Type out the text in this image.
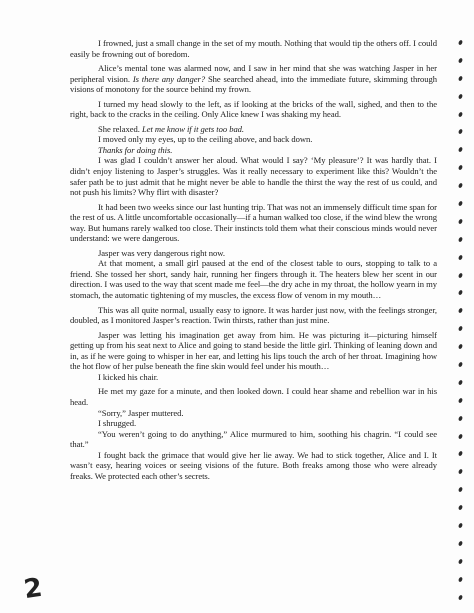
I frowned, just a small change in the set of my mouth. Nothing that would tip the others off. I could easily be frowning out of boredom.

Alice’s mental tone was alarmed now, and I saw in her mind that she was watching Jasper in her peripheral vision. Is there any danger? She searched ahead, into the immediate future, skimming through visions of monotony for the source behind my frown.

I turned my head slowly to the left, as if looking at the bricks of the wall, sighed, and then to the right, back to the cracks in the ceiling. Only Alice knew I was shaking my head.

She relaxed. Let me know if it gets too bad.

I moved only my eyes, up to the ceiling above, and back down.

Thanks for doing this.

I was glad I couldn’t answer her aloud. What would I say? ‘My pleasure’? It was hardly that. I didn’t enjoy listening to Jasper’s struggles. Was it really necessary to experiment like this? Wouldn’t the safer path be to just admit that he might never be able to handle the thirst the way the rest of us could, and not push his limits? Why flirt with disaster?

It had been two weeks since our last hunting trip. That was not an immensely difficult time span for the rest of us. A little uncomfortable occasionally—if a human walked too close, if the wind blew the wrong way. But humans rarely walked too close. Their instincts told them what their conscious minds would never understand: we were dangerous.

Jasper was very dangerous right now.

At that moment, a small girl paused at the end of the closest table to ours, stopping to talk to a friend. She tossed her short, sandy hair, running her fingers through it. The heaters blew her scent in our direction. I was used to the way that scent made me feel—the dry ache in my throat, the hollow yearn in my stomach, the automatic tightening of my muscles, the excess flow of venom in my mouth…

This was all quite normal, usually easy to ignore. It was harder just now, with the feelings stronger, doubled, as I monitored Jasper’s reaction. Twin thirsts, rather than just mine.

Jasper was letting his imagination get away from him. He was picturing it—picturing himself getting up from his seat next to Alice and going to stand beside the little girl. Thinking of leaning down and in, as if he were going to whisper in her ear, and letting his lips touch the arch of her throat. Imagining how the hot flow of her pulse beneath the fine skin would feel under his mouth…

I kicked his chair.

He met my gaze for a minute, and then looked down. I could hear shame and rebellion war in his head.

“Sorry,” Jasper muttered.

I shrugged.

“You weren’t going to do anything,” Alice murmured to him, soothing his chagrin. “I could see that.”

I fought back the grimace that would give her lie away. We had to stick together, Alice and I. It wasn’t easy, hearing voices or seeing visions of the future. Both freaks among those who were already freaks. We protected each other’s secrets.

2
